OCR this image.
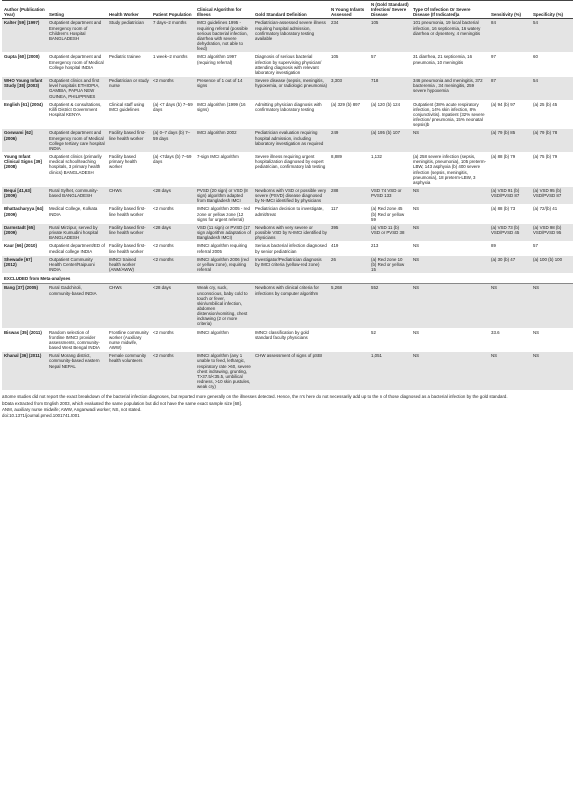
Author (Publication Year)	Setting	Health Worker	Patient Population	Clinical Algorithm for Illness	Gold Standard Definition	N Young Infants Assessed	N (Gold Standard) Infection/ Severe Disease	Type Of Infection Or Severe Disease (If Indicated)a	Sensitivity (%)	Specificity (%)
Kalter [59] (1997)	Outpatient department and Emergency room of Children's Hospital BANGLADESH	Study pediatrician	7 days–2 months	IMCI guidelines 1995 - requiring referral (possible serious bacterial infection, diarrhea with severe dehydration, not able to feed)	Pediatrician-assessed severe illness requiring hospital admission, confirmatory laboratory testing available	234	105	101 pneumonia, 19 local bacterial infection, 16 septicemia, 16 watery diarrhea or dysentery, 4 meningitis	84	54
Gupta [60] (2000)	Outpatient department and Emergency room of Medical College hospital INDIA	Pediatric trainee	1 week–2 months	IMCI algorithm 1997 (requiring referral)	Diagnosis of serious bacterial infection by supervising physician/ attending diagnosis with relevant laboratory investigation	105	57	31 diarrhea, 21 septicemia, 16 pneumonia, 10 meningitis	97	60
WHO Young Infant Study [38] (2003)	Outpatient clinics and first level hospitals ETHIOPIA, GAMBIA, PAPUA NEW GUINEA, PHILIPPINES	Pediatrician or study nurse	<2 months	Presence of 1 out of 14 signs	Severe disease (sepsis, meningitis, hypoxemia, or radiologic pneumonia)	3,303	718	346 pneumonia and meningitis, 372 bacteremia , 34 meningitis, 259 severe hypoxemia	87	54
English [61] (2004)	Outpatient & consultations, Kilifi District Government Hospital KENYA	Clinical staff using IMCI guidelines	(a) <7 days (b) 7–59 days	IMCI algorithm (1999 (16 signs)	Admitting physician diagnosis with confirmatory laboratory testing	(a) 329 (b) 897	(a) 120 (b) 124	Outpatient (38% acute respiratory infection, 14% skin infection, 8% conjunctivitis). Inpatient (32% severe infection/ pneumonia, 15% neonatal sepsis)b	(a) 94 (b) 97	(a) 25 (b) 45
Goswami [62] (2006)	Outpatient department and Emergency room of Medical College tertiary care hospital INDIA	Facility based first-line health worker	(a) 0–7 days (b) 7–59 days	IMCI algorithm 2002	Pediatrician evaluation requiring hospital admission, including laboratory investigation as required	249	(a) 195 (b) 107	NS	(a) 79 (b) 85	(a) 79 (b) 78
Young Infant Clinical Signs [39] (2008)	Outpatient clinics (primarily medical school/teaching hospitals, 3 primary health clinics) BANGLADESH	Facility based primary health worker	(a) <7days (b) 7–59 days	7-sign IMCI algorithm	Severe illness requiring urgent hospitalization diagnosed by expert pediatrician, confirmatory lab testing	8,889	1,132	(a) 258 severe infection (sepsis, meningitis, pneumonia), 105 preterm-LBW, 143 asphyxia (b) 400 severe infection (sepsis, meningitis, pneumonia), 18 preterm-LBW, 3 asphyxia	(a) 88 (b) 79	(a) 75 (b) 79
Bequi [41,63] (2009)	Rural Sylhet, community-based BANGLADESH	CHWs	<28 days	PVSD (20 sign) or VSD (8 sign) algorithm adapted from Bangladesh IMCI	Newborns with VSD or possible very severe (PSVD) disease diagnosed by N-IMCI identified by physicians	288	VSD 74 VSD or PVSD 133	NS	(a) VSD 91 (b) VSD/PVSD 87	(a) VSD 95 (b) VSD/PVSD 87
Bhattacharyya [64] (2009)	Medical College, Kolkata INDIA	Facility based first-line health worker	<2 months	IMNCI algorithm 2005 - red zone or yellow zone (12 signs for urgent referral)	Pediatrician decision to investigate, admit/treat	117	(a) Red zone 45 (b) Red or yellow 59	NS	(a) 88 (b) 73	(a) 72/(b) 41
Darmstadt [65] (2009)	Rural Mirzipur, served by private Kumudini hospital BANGLADESH	Facility based first-line health worker	<28 days	VSD (11 sign) or PVSD (17 sign algorithm adaptation of Bangladesh IMCI)	Newborns with very severe or possible VSD by N-IMCI identified by physicians	395	(a) VSD 11 (b) VSD or PVSD 38	NS	(a) VSD 73 (b) VSD/PVSD 45	(a) VSD 98 (b) VSD/PVSD 95
Kaur [66] (2010)	Outpatient department/ED of medical college INDIA	Facility based first-line health worker	<2 months	IMNCI algorithm requiring referral 2005	Serious bacterial infection diagnosed by senior pediatrician	419	213	NS	89	57
Shewade [67] (2012)	Outpatient Community Health Center/Raipuoni INDIA	IMNCI trained health worker (ANM/AWW)	<2 months	IMNCI algorithm 2006 (red or yellow zone), requiring referral	Investigator/Pediatrician diagnosis by IMCI criteria (yellow-red zone)	26	(a) Red zone 10 (b) Red or yellow 15	NS	(a) 30 (b) 47	(a) 100 (b) 100
EXCLUDED from Meta-analyses										
Bang [37] (2005)	Rural Gadchiroli, community-based INDIA	CHWs	<28 days	Weak cry, suck, unconscious, baby cold to touch or fever, skin/umbilical infection, abdomen distension/vomiting, chest indrawing (2 or more criteria)	Newborns with clinical criteria for infections by computer algorithm	5,268	552	NS	NS	NS
Biswas [35] (2011)	Random selection of frontline IMNCI provider assessments, community-based West Bengal INDIA	Frontline community worker (Auxiliary nurse midwife, AWW)	<2 months	IMNCI algorithm	IMNCI classification by gold standard faculty physicians		52	NS	33.6	NS
Khanal [36] (2011)	Rural Morang district, community-based eastern Nepal NEPAL	Female community health volunteers	<2 months	IMNCI algorithm (any 1 unable to feed, lethargic, respiratory rate >60, severe chest indrawing, grunting, T>37.5/<35.5, umbilical redness, >10 skin pustules, weak cry)	CHW assessment of signs of pSBI		1,051	NS	NS	NS

aSome studies did not report the exact breakdown of the bacterial infection diagnoses, but reported more generally on the illnesses detected. Hence, the n's here do not necessarily add up to the n of those diagnosed as a bacterial infection by the gold standard.

bData extracted from English 2003, which evaluated the same population but did not have the same exact sample size [68].

ANM, auxiliary nurse midwife; AWW, Anganwadi worker; NS, not stated.

doi:10.1371/journal.pmed.1001741.t001
